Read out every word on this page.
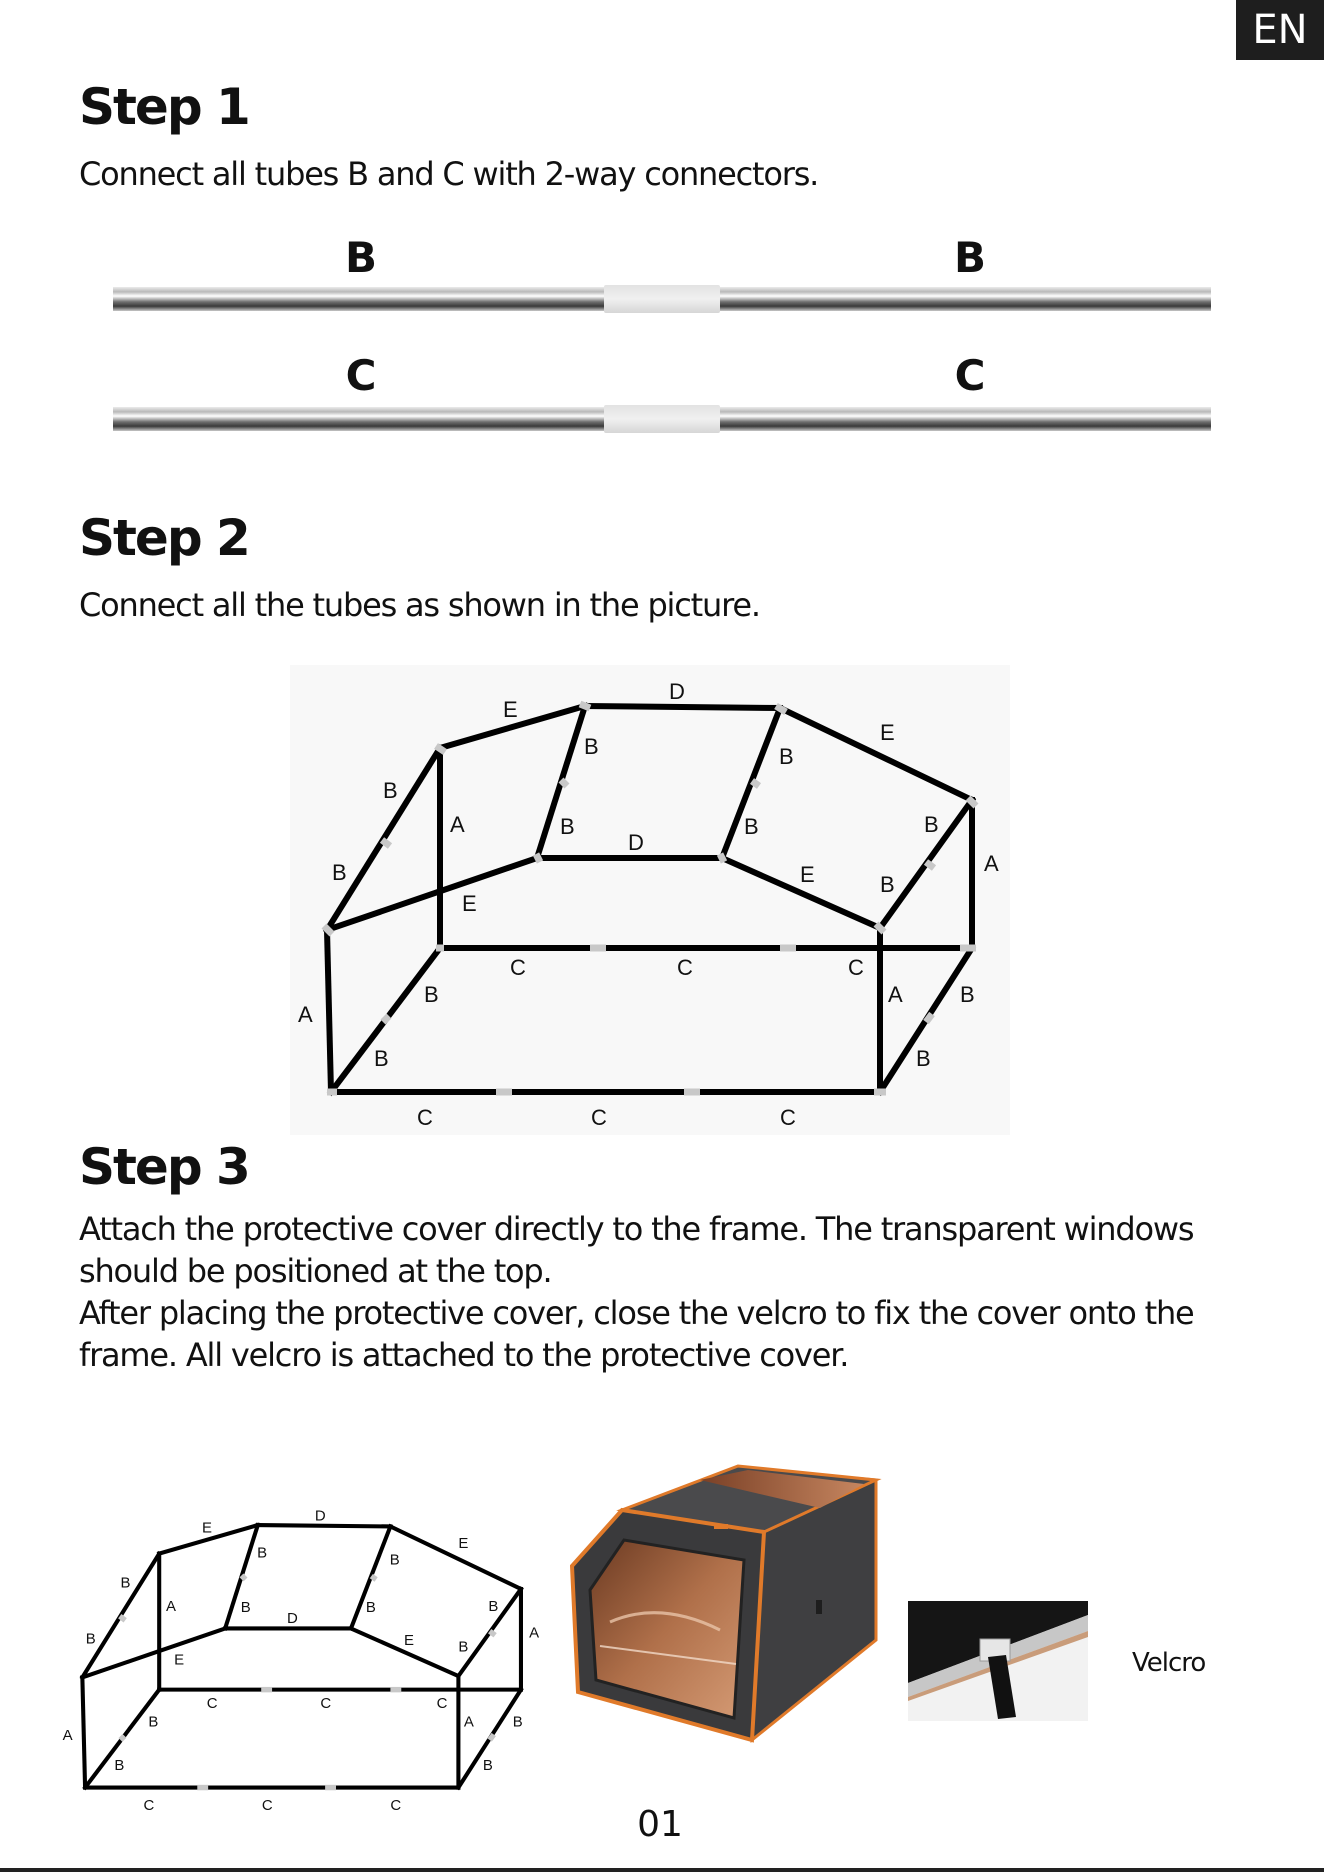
EN
Step 1
Connect all tubes B and C with 2-way connectors.
B	B
C	C
Step 2
Connect all the tubes as shown in the picture.
E
D
E
B
B
A
B
B
D
B
B	B
A
E
E	B
C	C	C
A
B
B
A	B
B
C	C	C
Step 3
Attach the protective cover directly to the frame. The transparent windows should be positioned at the top.
After placing the protective cover, close the velcro to fix the cover onto the frame. All velcro is attached to the protective cover.
E
D
E
B
B
A
B
B
D
B
B	B
A
E
E B
C	C	C
A
B
B
A B
B
C	C	C
Velcro
01
